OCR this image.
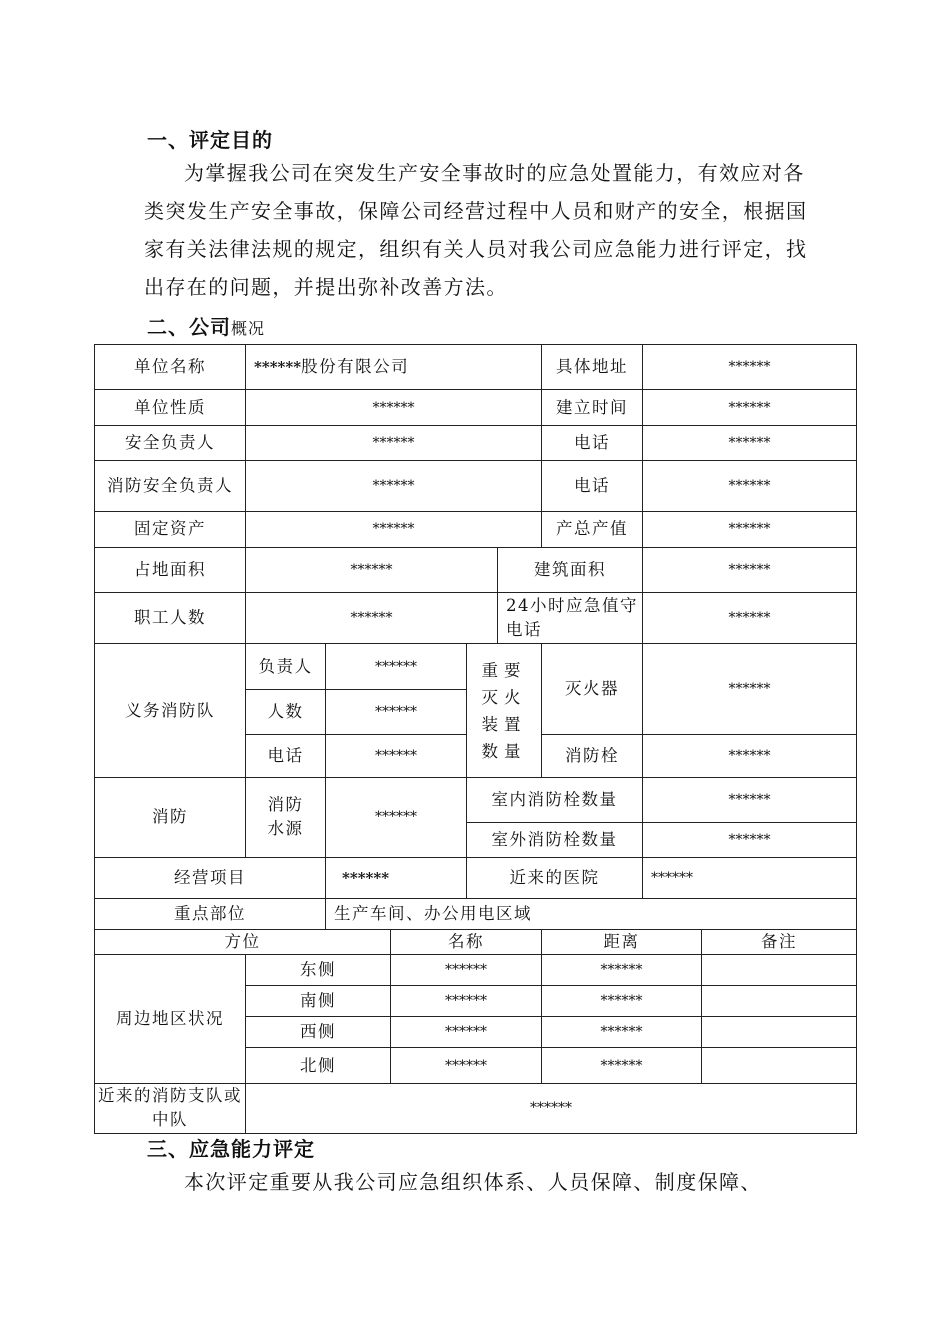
一、评定目的

为掌握我公司在突发生产安全事故时的应急处置能力，有效应对各类突发生产安全事故，保障公司经营过程中人员和财产的安全，根据国家有关法律法规的规定，组织有关人员对我公司应急能力进行评定，找出存在的问题，并提出弥补改善方法。

二、公司概况
单位名称	******股份有限公司					具体地址	******	
单位性质	******					建立时间	******	
安全负责人	******					电话	******	
消防安全负责人	******					电话	******	
固定资产	******					产总产值	******	
占地面积	******				建筑面积		******	
职工人数	******				24小时应急值守电话		******	
义务消防队	负责人	******		重要灭火装置数量		灭火器	******	
	人数	******						
	电话	******				消防栓	******	
消防	消防水源	******		室内消防栓数量			******	
				室外消防栓数量			******	
经营项目		******		近来的医院			******	
重点部位		生产车间、办公用电区域						
方位			名称			距离		备注
周边地区状况	东侧		******			******		
	南侧		******			******		
	西侧		******			******		
	北侧		******			******		
近来的消防支队或中队	******							
三、应急能力评定

本次评定重要从我公司应急组织体系、人员保障、制度保障、
